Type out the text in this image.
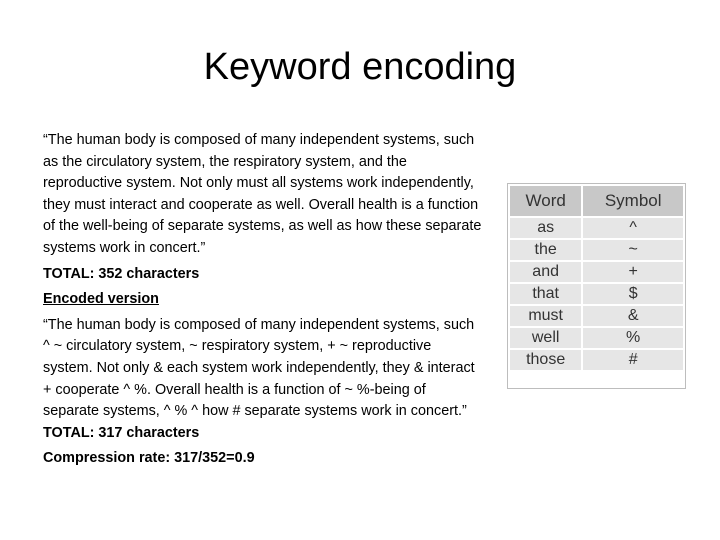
Keyword encoding

“The human body is composed of many independent systems, such as the circulatory system, the respiratory system, and the reproductive system. Not only must all systems work independently, they must interact and cooperate as well. Overall health is a function of the well-being of separate systems, as well as how these separate systems work in concert.”

TOTAL: 352 characters

Encoded version

“The human body is composed of many independent systems, such ^ ~ circulatory system, ~ respiratory system, + ~ reproductive system. Not only & each system work independently, they & interact + cooperate ^ %. Overall health is a function of ~ %-being of separate systems, ^ % ^ how # separate systems work in concert.”

TOTAL: 317 characters

Compression rate: 317/352=0.9

Word	Symbol
as	^
the	~
and	+
that	$
must	&
well	%
those	#
